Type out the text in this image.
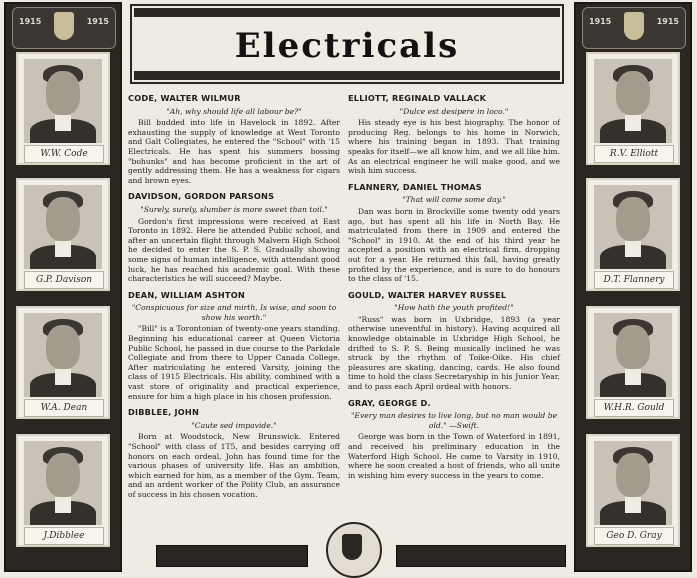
1915	1915
W.W. Code
G.P. Davison
W.A. Dean
J.Dibblee
1915	1915
R.V. Elliott
D.T. Flannery
W.H.R. Gould
Geo D. Gray
Electricals
CODE, WALTER WILMUR
"Ah, why should life all labour be?"
Bill budded into life in Havelock in 1892. After exhausting the supply of knowledge at West Toronto and Galt Collegiates, he entered the "School" with '15 Electricals. He has spent his summers bossing "bohunks" and has become proficient in the art of gently addressing them. He has a weakness for cigars and brown eyes.
DAVIDSON, GORDON PARSONS
"Surely, surely, slumber is more sweet than toil."
Gordon's first impressions were received at East Toronto in 1892. Here he attended Public school, and after an uncertain flight through Malvern High School he decided to enter the S. P. S. Gradually showing some signs of human intelligence, with attendant good luck, he has reached his academic goal. With these characteristics he will succeed? Maybe.
DEAN, WILLIAM ASHTON
"Conspicuous for size and mirth, Is wise, and soon to show his worth."
"Bill" is a Torontonian of twenty-one years standing. Beginning his educational career at Queen Victoria Public School, he passed in due course to the Parkdale Collegiate and from there to Upper Canada College. After matriculating he entered Varsity, joining the class of 1915 Electricals. His ability, combined with a vast store of originality and practical experience, ensure for him a high place in his chosen profession.
DIBBLEE, JOHN
"Caute sed impavide."
Born at Woodstock, New Brunswick. Entered "School" with class of 1T5, and besides carrying off honors on each ordeal, John has found time for the various phases of university life. Has an ambition, which earned for him, as a member of the Gym. Team, and an ardent worker of the Polity Club, an assurance of success in his chosen vocation.
ELLIOTT, REGINALD VALLACK
"Dulce est desipere in loco."
His steady eye is his best biography. The honor of producing Reg. belongs to his home in Norwich, where his training began in 1893. That training speaks for itself—we all know him, and we all like him. As an electrical engineer he will make good, and we wish him success.
FLANNERY, DANIEL THOMAS
"That will come some day."
Dan was born in Brockville some twenty odd years ago, but has spent all his life in North Bay. He matriculated from there in 1909 and entered the "School" in 1910. At the end of his third year he accepted a position with an electrical firm, dropping out for a year. He returned this fall, having greatly profited by the experience, and is sure to do honours to the class of '15.
GOULD, WALTER HARVEY RUSSEL
"How hath the youth profited!"
"Russ" was born in Uxbridge, 1893 (a year otherwise uneventful in history). Having acquired all knowledge obtainable in Uxbridge High School, he drifted to S. P. S. Being musically inclined he was struck by the rhythm of Toike-Oike. His chief pleasures are skating, dancing, cards. He also found time to hold the class Secretaryship in his Junior Year, and to pass each April ordeal with honors.
GRAY, GEORGE D.
"Every man desires to live long, but no man would be old." —Swift.
George was born in the Town of Waterford in 1891, and received his preliminary education in the Waterford High School. He came to Varsity in 1910, where he soon created a host of friends, who all unite in wishing him every success in the years to come.
